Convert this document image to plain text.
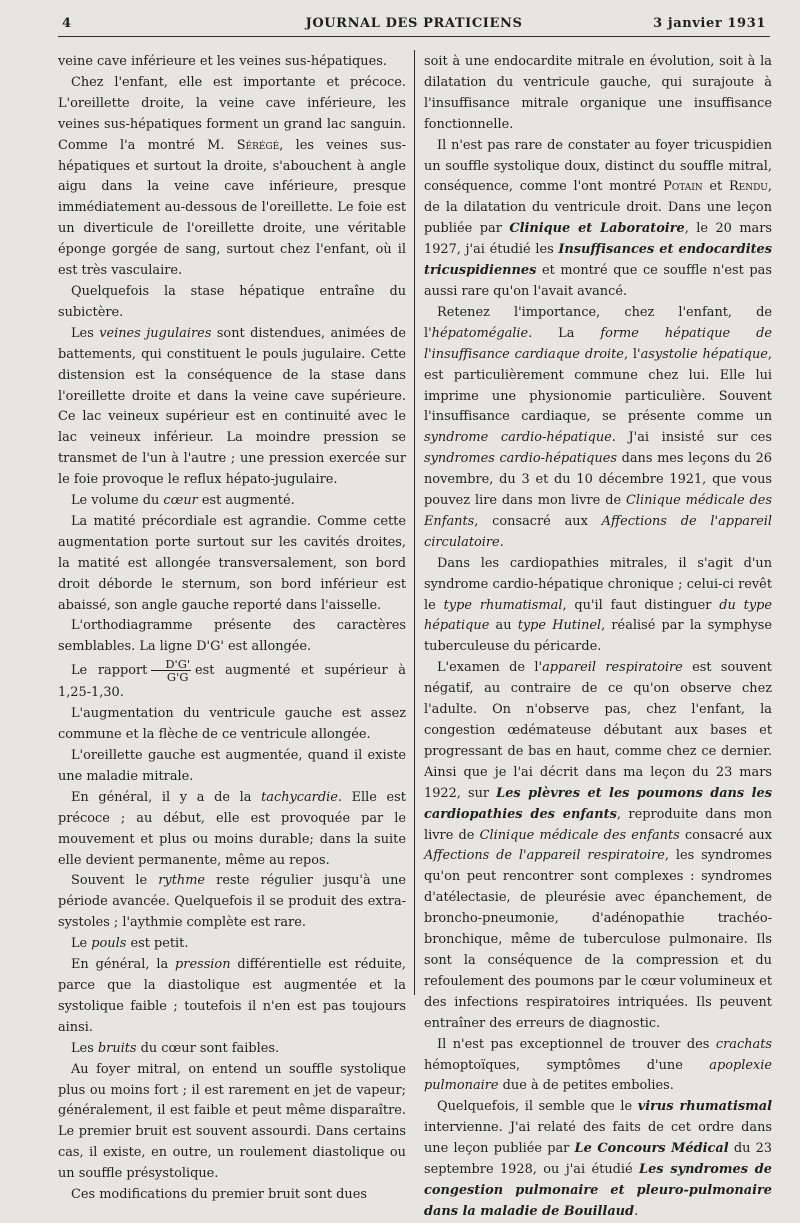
4	JOURNAL DES PRATICIENS	3 janvier 1931

veine cave inférieure et les veines sus-hépatiques.

Chez l'enfant, elle est importante et précoce. L'oreillette droite, la veine cave inférieure, les veines sus-hépatiques forment un grand lac sanguin. Comme l'a montré M. Sérégé, les veines sus-hépatiques et surtout la droite, s'abouchent à angle aigu dans la veine cave inférieure, presque immédiatement au-dessous de l'oreillette. Le foie est un diverticule de l'oreillette droite, une véritable éponge gorgée de sang, surtout chez l'enfant, où il est très vasculaire.

Quelquefois la stase hépatique entraîne du subictère.

Les veines jugulaires sont distendues, animées de battements, qui constituent le pouls jugulaire. Cette distension est la conséquence de la stase dans l'oreillette droite et dans la veine cave supérieure. Ce lac veineux supérieur est en continuité avec le lac veineux inférieur. La moindre pression se transmet de l'un à l'autre ; une pression exercée sur le foie provoque le reflux hépato-jugulaire.

Le volume du cœur est augmenté.

La matité précordiale est agrandie. Comme cette augmentation porte surtout sur les cavités droites, la matité est allongée transversalement, son bord droit déborde le sternum, son bord inférieur est abaissé, son angle gauche reporté dans l'aisselle.

L'orthodiagramme présente des caractères semblables. La ligne D'G' est allongée.

Le rapport $\frac{D'G'}{G'G}$ est augmenté et supérieur à 1,25-1,30.

L'augmentation du ventricule gauche est assez commune et la flèche de ce ventricule allongée.

L'oreillette gauche est augmentée, quand il existe une maladie mitrale.

En général, il y a de la tachycardie. Elle est précoce ; au début, elle est provoquée par le mouvement et plus ou moins durable; dans la suite elle devient permanente, même au repos.

Souvent le rythme reste régulier jusqu'à une période avancée. Quelquefois il se produit des extra-systoles ; l'aythmie complète est rare.

Le pouls est petit.

En général, la pression différentielle est réduite, parce que la diastolique est augmentée et la systolique faible ; toutefois il n'en est pas toujours ainsi.

Les bruits du cœur sont faibles.

Au foyer mitral, on entend un souffle systolique plus ou moins fort ; il est rarement en jet de vapeur; généralement, il est faible et peut même disparaître. Le premier bruit est souvent assourdi. Dans certains cas, il existe, en outre, un roulement diastolique ou un souffle présystolique.

Ces modifications du premier bruit sont dues

soit à une endocardite mitrale en évolution, soit à la dilatation du ventricule gauche, qui surajoute à l'insuffisance mitrale organique une insuffisance fonctionnelle.

Il n'est pas rare de constater au foyer tricuspidien un souffle systolique doux, distinct du souffle mitral, conséquence, comme l'ont montré Potain et Rendu, de la dilatation du ventricule droit. Dans une leçon publiée par Clinique et Laboratoire, le 20 mars 1927, j'ai étudié les Insuffisances et endocardites tricuspidiennes et montré que ce souffle n'est pas aussi rare qu'on l'avait avancé.

Retenez l'importance, chez l'enfant, de l'hépatomégalie. La forme hépatique de l'insuffisance cardiaque droite, l'asystolie hépatique, est particulièrement commune chez lui. Elle lui imprime une physionomie particulière. Souvent l'insuffisance cardiaque, se présente comme un syndrome cardio-hépatique. J'ai insisté sur ces syndromes cardio-hépatiques dans mes leçons du 26 novembre, du 3 et du 10 décembre 1921, que vous pouvez lire dans mon livre de Clinique médicale des Enfants, consacré aux Affections de l'appareil circulatoire.

Dans les cardiopathies mitrales, il s'agit d'un syndrome cardio-hépatique chronique ; celui-ci revêt le type rhumatismal, qu'il faut distinguer du type hépatique au type Hutinel, réalisé par la symphyse tuberculeuse du péricarde.

L'examen de l'appareil respiratoire est souvent négatif, au contraire de ce qu'on observe chez l'adulte. On n'observe pas, chez l'enfant, la congestion œdémateuse débutant aux bases et progressant de bas en haut, comme chez ce dernier. Ainsi que je l'ai décrit dans ma leçon du 23 mars 1922, sur Les plèvres et les poumons dans les cardiopathies des enfants, reproduite dans mon livre de Clinique médicale des enfants consacré aux Affections de l'appareil respiratoire, les syndromes qu'on peut rencontrer sont complexes : syndromes d'atélectasie, de pleurésie avec épanchement, de broncho-pneumonie, d'adénopathie trachéo-bronchique, même de tuberculose pulmonaire. Ils sont la conséquence de la compression et du refoulement des poumons par le cœur volumineux et des infections respiratoires intriquées. Ils peuvent entraîner des erreurs de diagnostic.

Il n'est pas exceptionnel de trouver des crachats hémoptoïques, symptômes d'une apoplexie pulmonaire due à de petites embolies.

Quelquefois, il semble que le virus rhumatismal intervienne. J'ai relaté des faits de cet ordre dans une leçon publiée par Le Concours Médical du 23 septembre 1928, ou j'ai étudié Les syndromes de congestion pulmonaire et pleuro-pulmonaire dans la maladie de Bouillaud.
